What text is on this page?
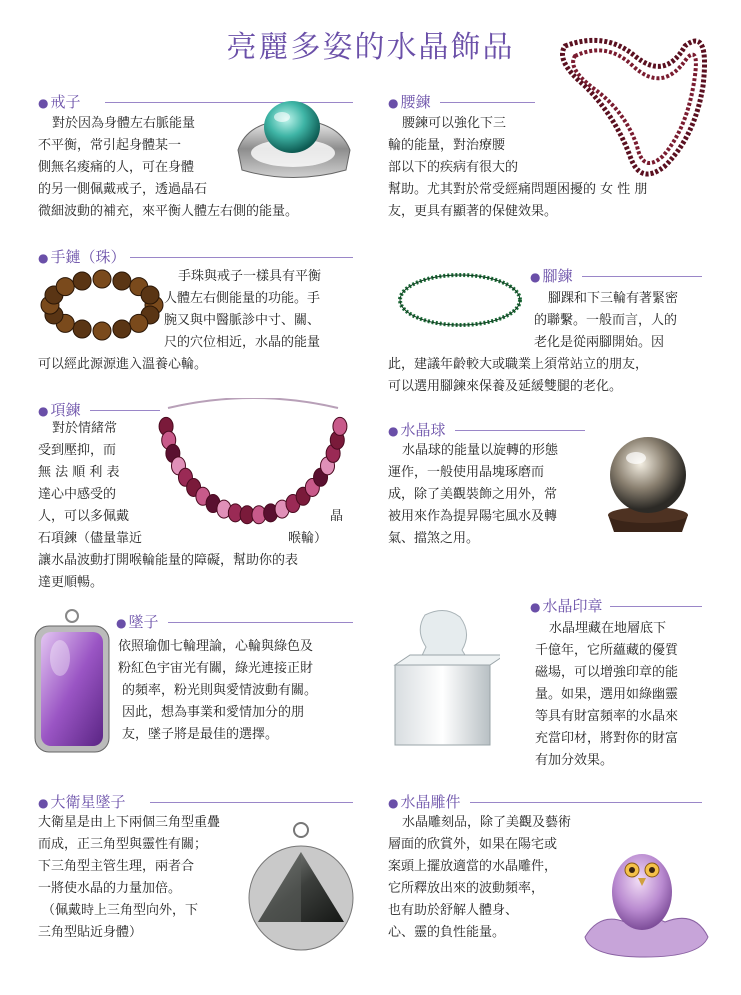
亮麗多姿的水晶飾品
● 戒子
對於因為身體左右脈能量
不平衡，常引起身體某一
側無名痠痛的人，可在身體
的另一側佩戴戒子，透過晶石
微細波動的補充，來平衡人體左右側的能量。
● 腰鍊
腰鍊可以強化下三
輪的能量，對治療腰
部以下的疾病有很大的
幫助。尤其對於常受經痛問題困擾的 女 性 朋
友，更具有顯著的保健效果。
● 手鏈（珠）
手珠與戒子一樣具有平衡
人體左右側能量的功能。手
腕又與中醫脈診中寸、關、
尺的穴位相近，水晶的能量
可以經此源源進入溫養心輪。
● 腳鍊
腳踝和下三輪有著緊密
的聯繫。一般而言，人的
老化是從兩腳開始。因
此，建議年齡較大或職業上須常站立的朋友，
可以選用腳鍊來保養及延緩雙腿的老化。
● 項鍊
對於情緒常
受到壓抑，而
無 法 順 利 表
達心中感受的
人，可以多佩戴
石項鍊（儘量靠近
讓水晶波動打開喉輪能量的障礙，幫助你的表
達更順暢。
晶
喉輪）
● 水晶球
水晶球的能量以旋轉的形態
運作，一般使用晶塊琢磨而
成，除了美觀裝飾之用外，常
被用來作為提昇陽宅風水及轉
氣、擋煞之用。
● 墜子
依照瑜伽七輪理論，心輪與綠色及
粉紅色宇宙光有關，綠光連接正財
的頻率，粉光則與愛情波動有關。
因此，想為事業和愛情加分的朋
友，墜子將是最佳的選擇。
● 水晶印章
水晶埋藏在地層底下
千億年，它所蘊藏的優質
磁場，可以增強印章的能
量。如果，選用如綠幽靈
等具有財富頻率的水晶來
充當印材，將對你的財富
有加分效果。
● 大衛星墜子
大衛星是由上下兩個三角型重疊
而成，正三角型與靈性有關；
下三角型主管生理，兩者合
一將使水晶的力量加倍。
（佩戴時上三角型向外，下
三角型貼近身體）
● 水晶雕件
水晶雕刻品，除了美觀及藝術
層面的欣賞外，如果在陽宅或
案頭上擺放適當的水晶雕件，
它所釋放出來的波動頻率，
也有助於舒解人體身、
心、靈的負性能量。
